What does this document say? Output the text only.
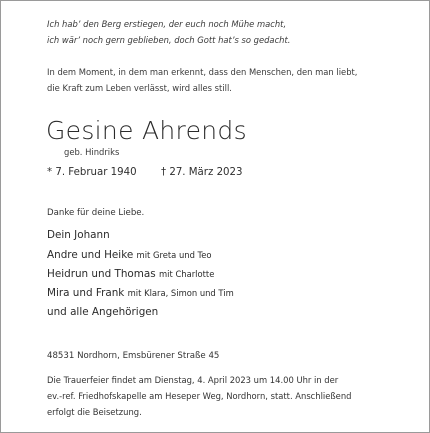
Ich hab’ den Berg erstiegen, der euch noch Mühe macht,
ich wär’ noch gern geblieben, doch Gott hat’s so gedacht.
In dem Moment, in dem man erkennt, dass den Menschen, den man liebt,
die Kraft zum Leben verlässt, wird alles still.
Gesine Ahrends
geb. Hindriks
* 7. Februar 1940 † 27. März 2023
Danke für deine Liebe.
Dein Johann
Andre und Heike mit Greta und Teo
Heidrun und Thomas mit Charlotte
Mira und Frank mit Klara, Simon und Tim
und alle Angehörigen
48531 Nordhorn, Emsbürener Straße 45
Die Trauerfeier findet am Dienstag, 4. April 2023 um 14.00 Uhr in der
ev.-ref. Friedhofskapelle am Heseper Weg, Nordhorn, statt. Anschließend
erfolgt die Beisetzung.
